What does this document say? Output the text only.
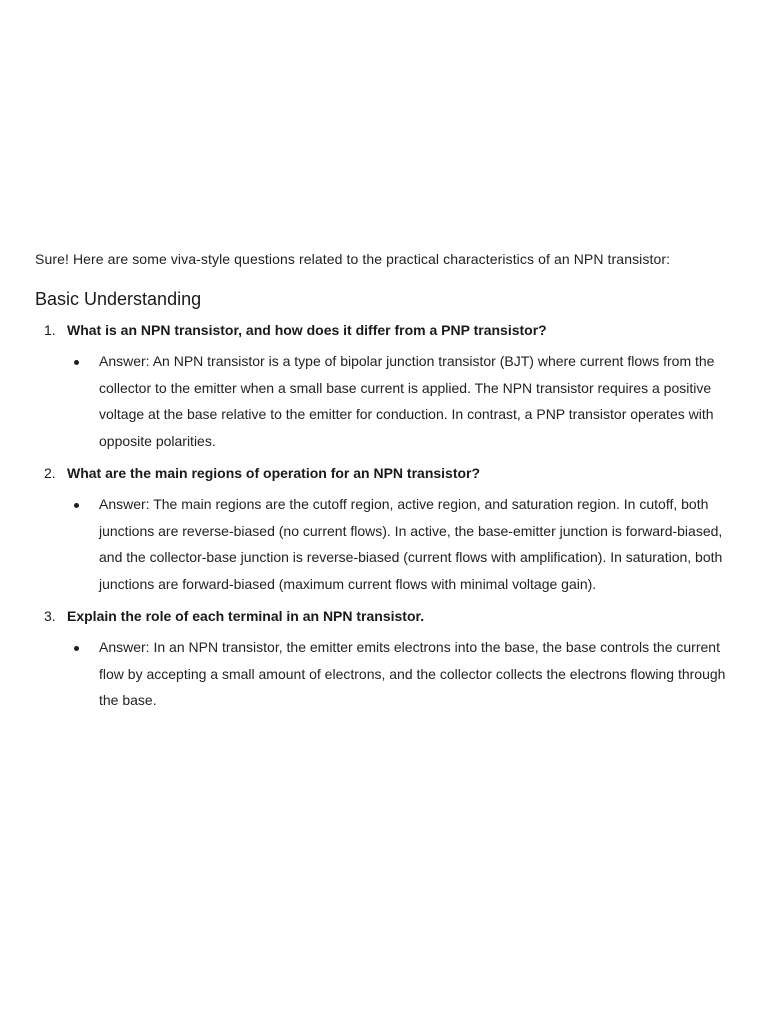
Sure! Here are some viva-style questions related to the practical characteristics of an NPN transistor:

Basic Understanding
1. What is an NPN transistor, and how does it differ from a PNP transistor?

Answer: An NPN transistor is a type of bipolar junction transistor (BJT) where current flows from the collector to the emitter when a small base current is applied. The NPN transistor requires a positive voltage at the base relative to the emitter for conduction. In contrast, a PNP transistor operates with opposite polarities.

2. What are the main regions of operation for an NPN transistor?

Answer: The main regions are the cutoff region, active region, and saturation region. In cutoff, both junctions are reverse-biased (no current flows). In active, the base-emitter junction is forward-biased, and the collector-base junction is reverse-biased (current flows with amplification). In saturation, both junctions are forward-biased (maximum current flows with minimal voltage gain).

3. Explain the role of each terminal in an NPN transistor.

Answer: In an NPN transistor, the emitter emits electrons into the base, the base controls the current flow by accepting a small amount of electrons, and the collector collects the electrons flowing through the base.
